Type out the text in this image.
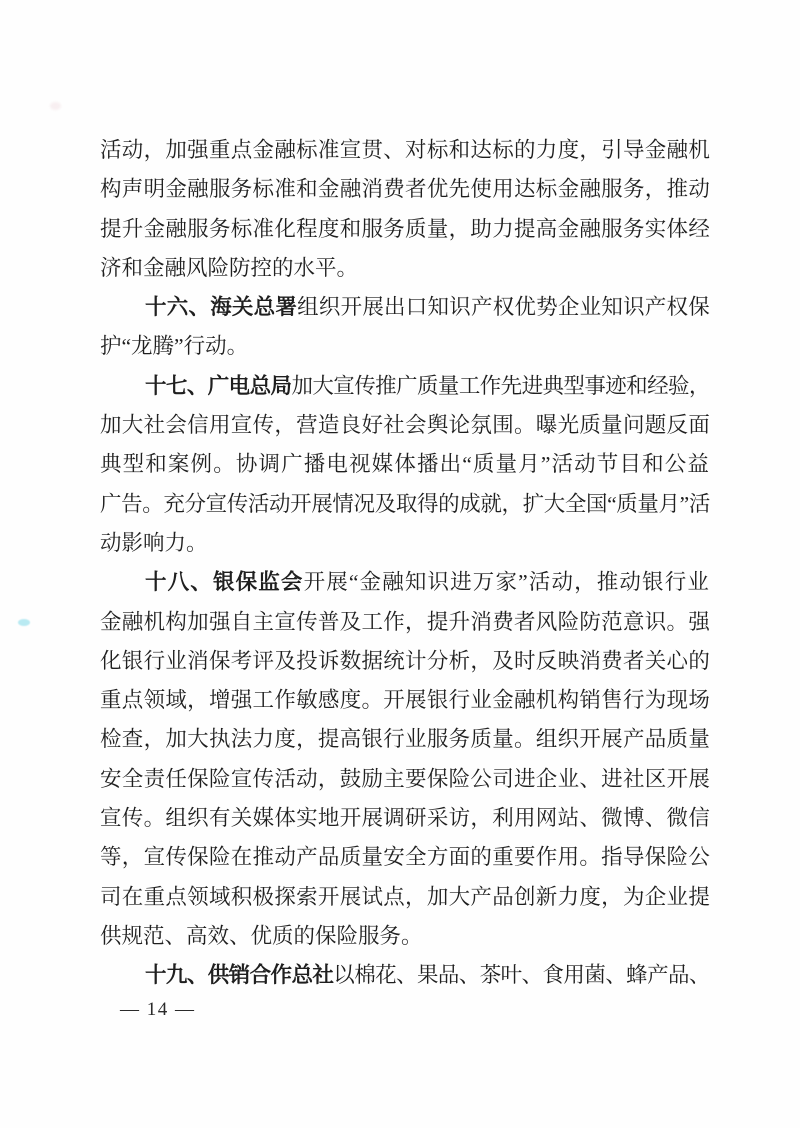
活动，加强重点金融标准宣贯、对标和达标的力度，引导金融机
构声明金融服务标准和金融消费者优先使用达标金融服务，推动
提升金融服务标准化程度和服务质量，助力提高金融服务实体经
济和金融风险防控的水平。
十六、海关总署组织开展出口知识产权优势企业知识产权保
护“龙腾”行动。
十七、广电总局加大宣传推广质量工作先进典型事迹和经验，
加大社会信用宣传，营造良好社会舆论氛围。曝光质量问题反面
典型和案例。协调广播电视媒体播出“质量月”活动节目和公益
广告。充分宣传活动开展情况及取得的成就，扩大全国“质量月”活
动影响力。
十八、银保监会开展“金融知识进万家”活动，推动银行业
金融机构加强自主宣传普及工作，提升消费者风险防范意识。强
化银行业消保考评及投诉数据统计分析，及时反映消费者关心的
重点领域，增强工作敏感度。开展银行业金融机构销售行为现场
检查，加大执法力度，提高银行业服务质量。组织开展产品质量
安全责任保险宣传活动，鼓励主要保险公司进企业、进社区开展
宣传。组织有关媒体实地开展调研采访，利用网站、微博、微信
等，宣传保险在推动产品质量安全方面的重要作用。指导保险公
司在重点领域积极探索开展试点，加大产品创新力度，为企业提
供规范、高效、优质的保险服务。
十九、供销合作总社以棉花、果品、茶叶、食用菌、蜂产品、
— 14 —
